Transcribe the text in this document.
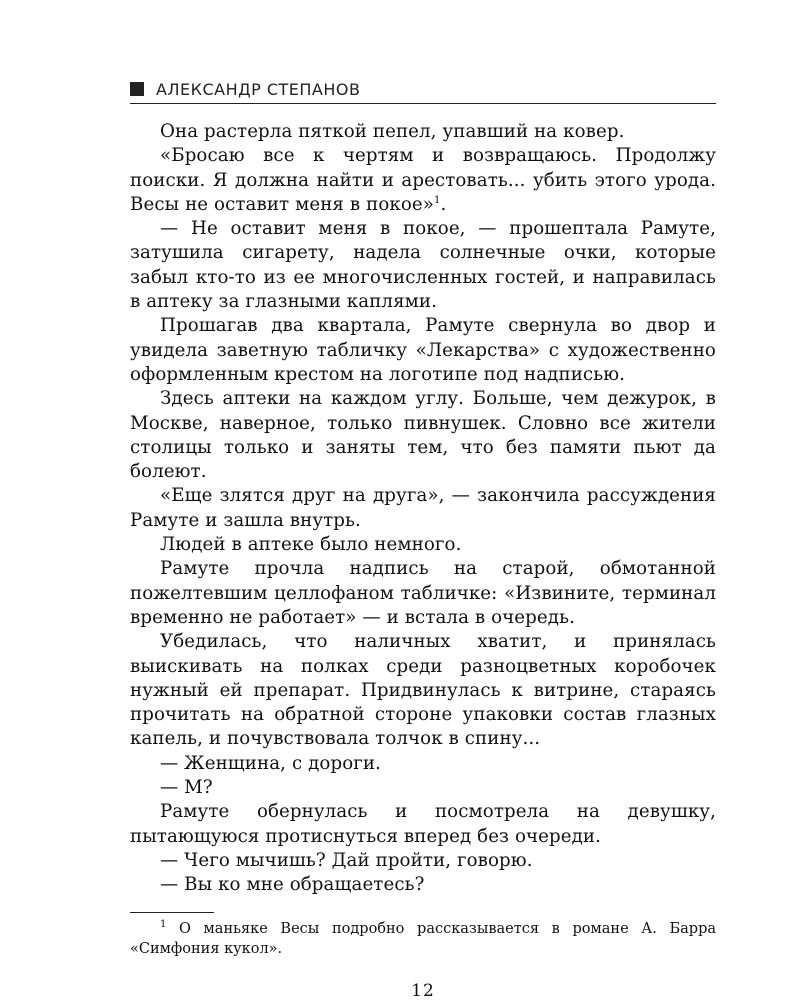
АЛЕКСАНДР СТЕПАНОВ

Она растерла пяткой пепел, упавший на ковер.

«Бросаю все к чертям и возвращаюсь. Продолжу поиски. Я должна найти и арестовать... убить этого урода. Весы не оставит меня в покое»$^1$.

— Не оставит меня в покое, — прошептала Рамуте, затушила сигарету, надела солнечные очки, которые забыл кто-то из ее многочисленных гостей, и направилась в аптеку за глазными каплями.

Прошагав два квартала, Рамуте свернула во двор и увидела заветную табличку «Лекарства» с художественно оформленным крестом на логотипе под надписью.

Здесь аптеки на каждом углу. Больше, чем дежурок, в Москве, наверное, только пивнушек. Словно все жители столицы только и заняты тем, что без памяти пьют да болеют.

«Еще злятся друг на друга», — закончила рассуждения Рамуте и зашла внутрь.

Людей в аптеке было немного.

Рамуте прочла надпись на старой, обмотанной пожелтевшим целлофаном табличке: «Извините, терминал временно не работает» — и встала в очередь.

Убедилась, что наличных хватит, и принялась выискивать на полках среди разноцветных коробочек нужный ей препарат. Придвинулась к витрине, стараясь прочитать на обратной стороне упаковки состав глазных капель, и почувствовала толчок в спину...

— Женщина, с дороги.

— М?

Рамуте обернулась и посмотрела на девушку, пытающуюся протиснуться вперед без очереди.

— Чего мычишь? Дай пройти, говорю.

— Вы ко мне обращаетесь?

$^1$ О маньяке Весы подробно рассказывается в романе А. Барра «Симфония кукол».
12
